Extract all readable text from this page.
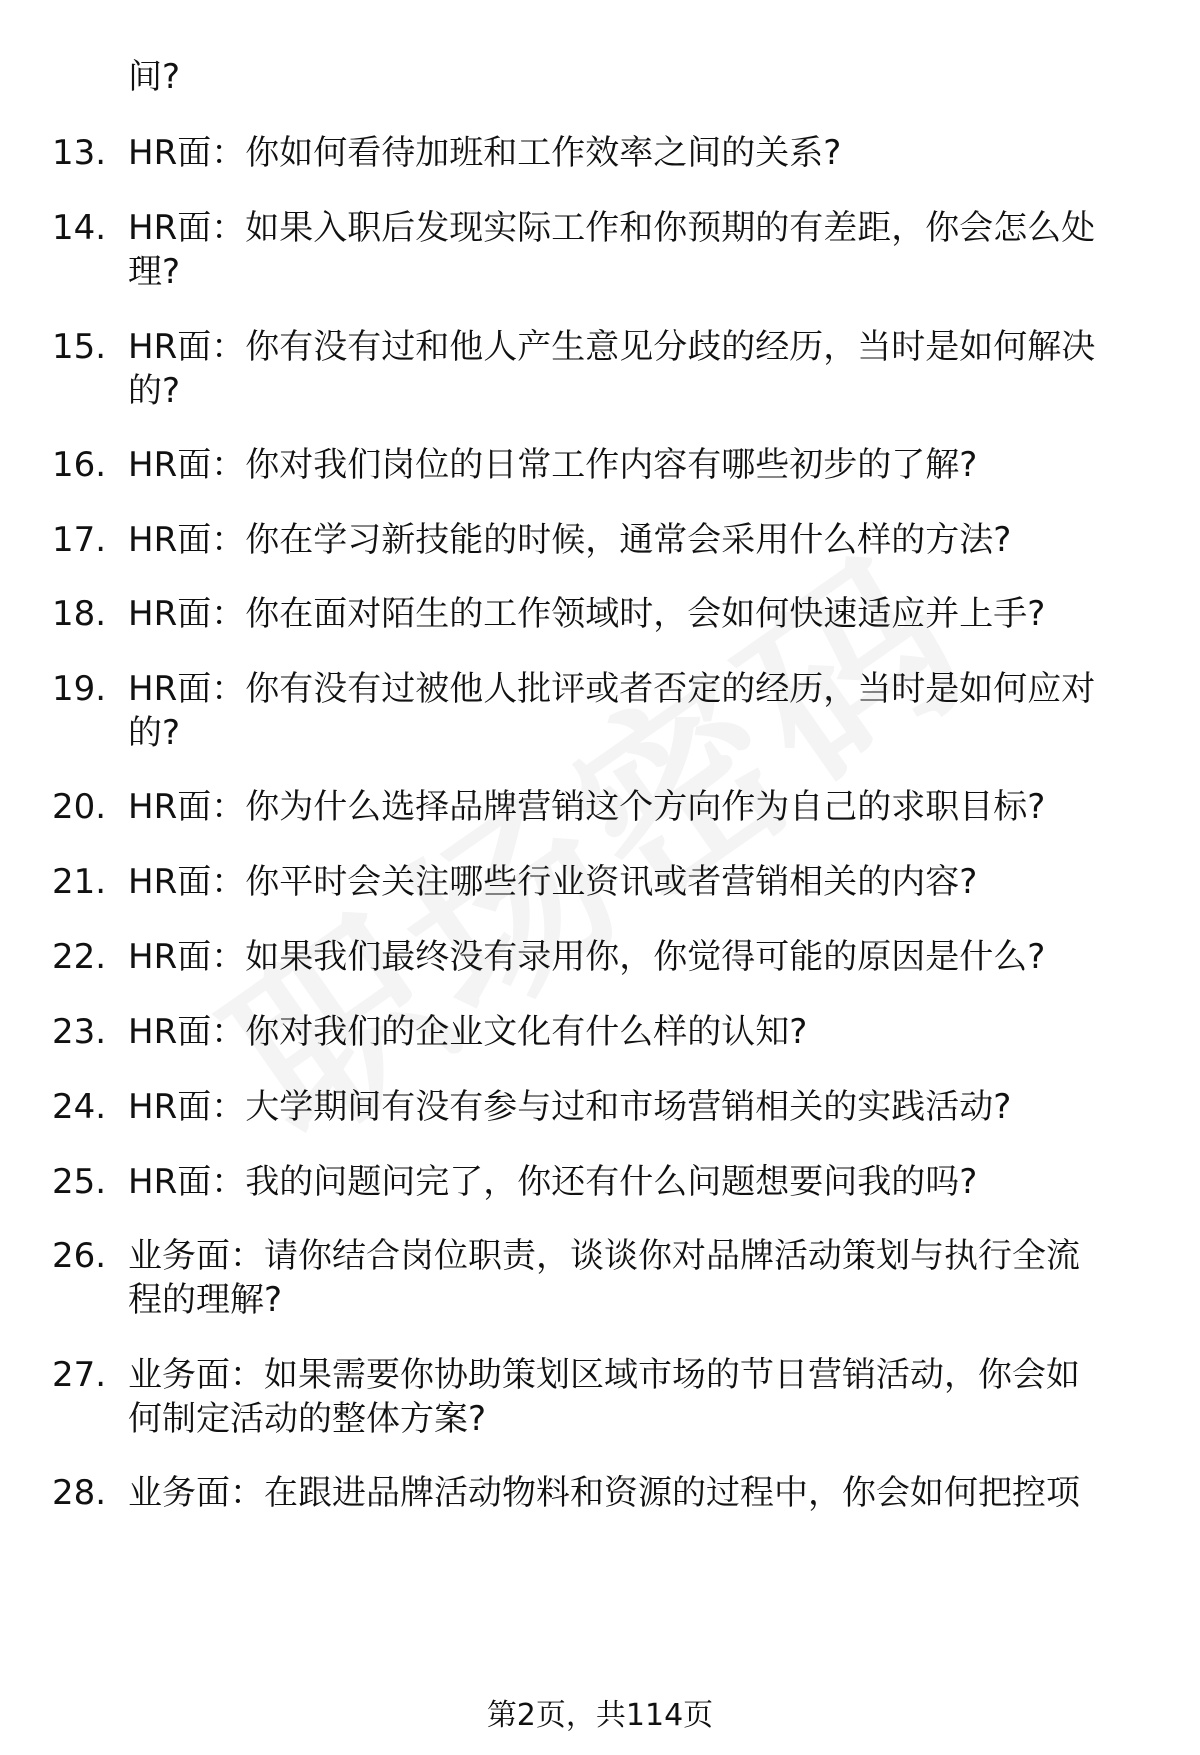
间?
13. HR面：你如何看待加班和工作效率之间的关系?
14. HR面：如果入职后发现实际工作和你预期的有差距，你会怎么处
理?
15. HR面：你有没有过和他人产生意见分歧的经历，当时是如何解决
的?
16. HR面：你对我们岗位的日常工作内容有哪些初步的了解?
17. HR面：你在学习新技能的时候，通常会采用什么样的方法?
18. HR面：你在面对陌生的工作领域时，会如何快速适应并上手?
19. HR面：你有没有过被他人批评或者否定的经历，当时是如何应对
的?
20. HR面：你为什么选择品牌营销这个方向作为自己的求职目标?
21. HR面：你平时会关注哪些行业资讯或者营销相关的内容?
22. HR面：如果我们最终没有录用你，你觉得可能的原因是什么?
23. HR面：你对我们的企业文化有什么样的认知?
24. HR面：大学期间有没有参与过和市场营销相关的实践活动?
25. HR面：我的问题问完了，你还有什么问题想要问我的吗?
26. 业务面：请你结合岗位职责，谈谈你对品牌活动策划与执行全流
程的理解?
27. 业务面：如果需要你协助策划区域市场的节日营销活动，你会如
何制定活动的整体方案?
28. 业务面：在跟进品牌活动物料和资源的过程中，你会如何把控项
第2页，共114页
